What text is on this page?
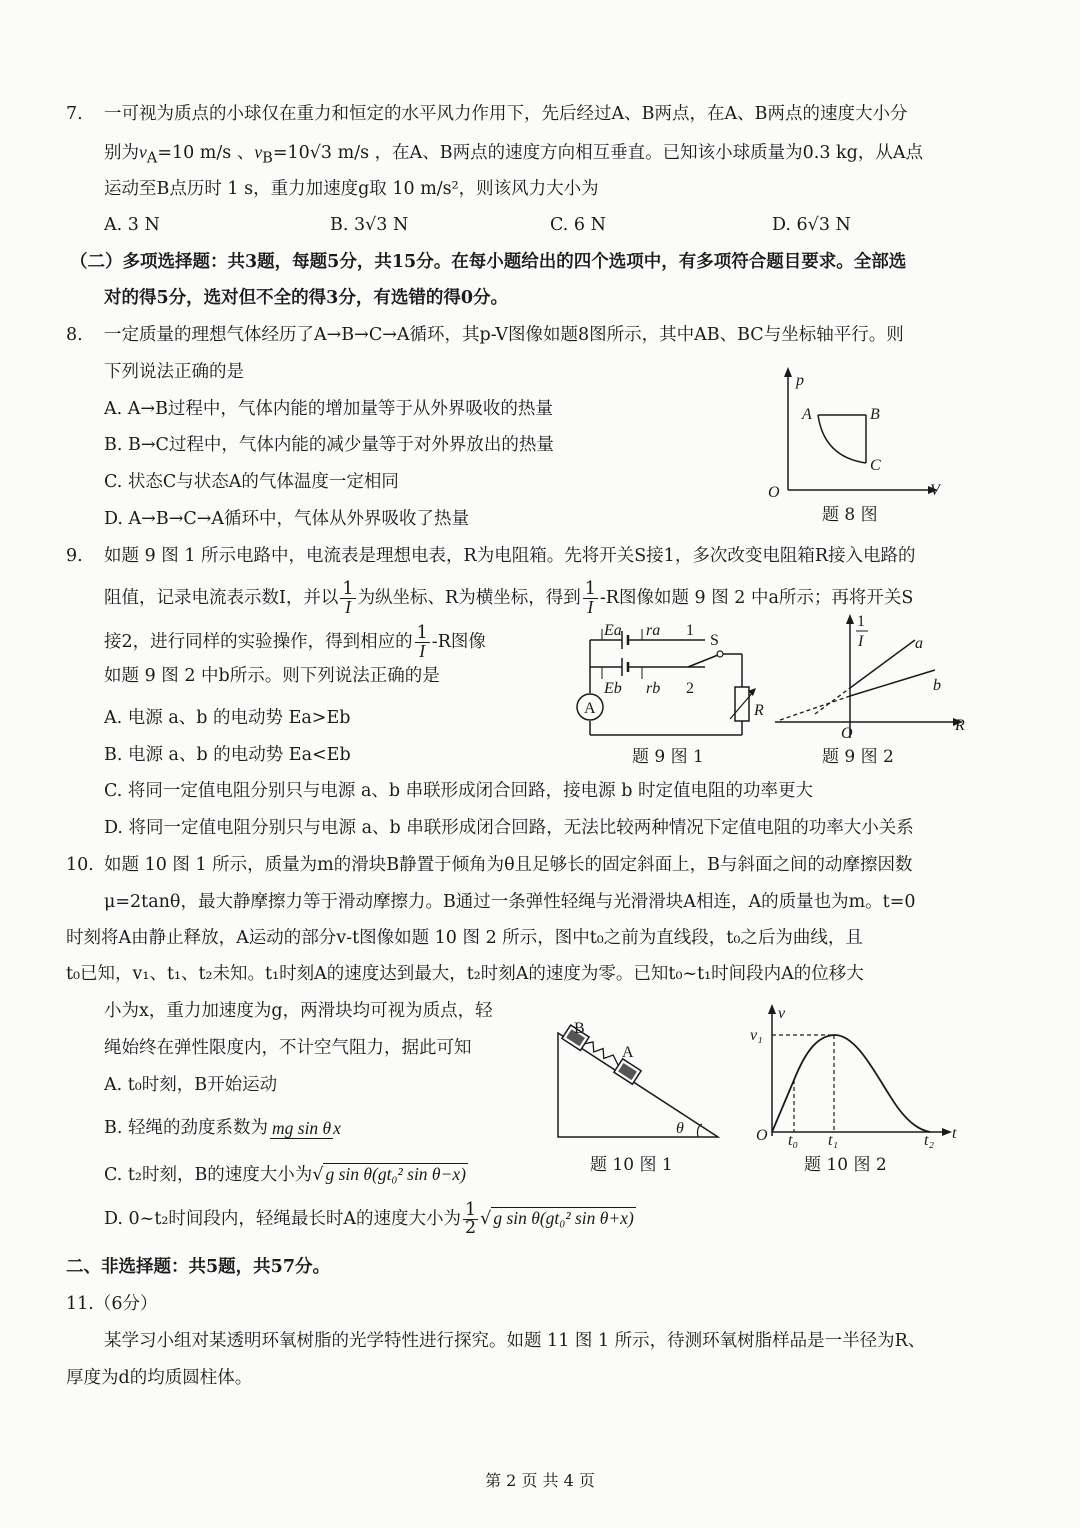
7. 一可视为质点的小球仅在重力和恒定的水平风力作用下，先后经过A、B两点，在A、B两点的速度大小分
别为$v_A=10$ m/s 、$v_B=10√3$ m/s ，在A、B两点的速度方向相互垂直。已知该小球质量为0.3 kg，从A点
运动至B点历时 1 s，重力加速度g取 10 m/s²，则该风力大小为
A. 3 N	B. 3√3 N	C. 6 N	D. 6√3 N
（二）多项选择题：共3题，每题5分，共15分。在每小题给出的四个选项中，有多项符合题目要求。全部选
对的得5分，选对但不全的得3分，有选错的得0分。
8. 一定质量的理想气体经历了A→B→C→A循环，其p-V图像如题8图所示，其中AB、BC与坐标轴平行。则
下列说法正确的是
A. A→B过程中，气体内能的增加量等于从外界吸收的热量
B. B→C过程中，气体内能的减少量等于对外界放出的热量
C. 状态C与状态A的气体温度一定相同
D. A→B→C→A循环中，气体从外界吸收了热量
p
V
O
A	B
C
题 8 图
9. 如题 9 图 1 所示电路中，电流表是理想电表，R为电阻箱。先将开关S接1，多次改变电阻箱R接入电路的
阻值，记录电流表示数I，并以 $\frac{1}{I}$ 为纵坐标、R为横坐标，得到 $\frac{1}{I} -R$图像如题 9 图 2 中a所示；再将开关S
接2，进行同样的实验操作，得到相应的 $\frac{1}{I} -R$图像
如题 9 图 2 中b所示。则下列说法正确的是
A. 电源 a、b 的电动势 Ea>Eb
B. 电源 a、b 的电动势 Ea<Eb
C. 将同一定值电阻分别只与电源 a、b 串联形成闭合回路，接电源 b 时定值电阻的功率更大
D. 将同一定值电阻分别只与电源 a、b 串联形成闭合回路，无法比较两种情况下定值电阻的功率大小关系
A
Ea ra 1
Eb rb 2
S
R
题 9 图 1
1
I	a
b
O	R
题 9 图 2
10. 如题 10 图 1 所示，质量为m的滑块B静置于倾角为θ且足够长的固定斜面上，B与斜面之间的动摩擦因数
μ=2tanθ，最大静摩擦力等于滑动摩擦力。B通过一条弹性轻绳与光滑滑块A相连，A的质量也为m。t=0
时刻将A由静止释放，A运动的部分v-t图像如题 10 图 2 所示，图中t₀之前为直线段，t₀之后为曲线，且
t₀已知，v₁、t₁、t₂未知。t₁时刻A的速度达到最大，t₂时刻A的速度为零。已知t₀~t₁时间段内A的位移大
小为x，重力加速度为g，两滑块均可视为质点，轻
绳始终在弹性限度内，不计空气阻力，据此可知
A. t₀时刻，B开始运动
B. 轻绳的劲度系数为 mg sin θ x
C. t₂时刻，B的速度大小为√ g sin θ(gt₀² sin θ−x)
D. 0~t₂时间段内，轻绳最长时A的速度大小为 $\frac{1}{2}$ √ g sin θ(gt₀² sin θ+x)
B
A
θ
题 10 图 1
v
t
v₁
O t₀ t₁	t₂
题 10 图 2
二、非选择题：共5题，共57分。
11.（6分）
某学习小组对某透明环氧树脂的光学特性进行探究。如题 11 图 1 所示，待测环氧树脂样品是一半径为R、
厚度为d的均质圆柱体。
第 2 页 共 4 页
